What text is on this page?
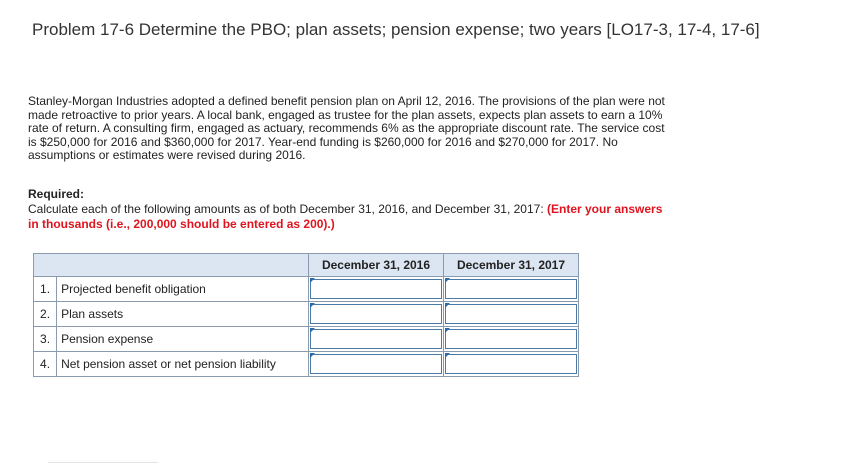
Problem 17-6 Determine the PBO; plan assets; pension expense; two years [LO17-3, 17-4, 17-6]
Stanley-Morgan Industries adopted a defined benefit pension plan on April 12, 2016. The provisions of the plan were not made retroactive to prior years. A local bank, engaged as trustee for the plan assets, expects plan assets to earn a 10% rate of return. A consulting firm, engaged as actuary, recommends 6% as the appropriate discount rate. The service cost is $250,000 for 2016 and $360,000 for 2017. Year-end funding is $260,000 for 2016 and $270,000 for 2017. No assumptions or estimates were revised during 2016.
Required:
Calculate each of the following amounts as of both December 31, 2016, and December 31, 2017: (Enter your answers in thousands (i.e., 200,000 should be entered as 200).)
		December 31, 2016	December 31, 2017
1.	Projected benefit obligation	

2.	Plan assets	

3.	Pension expense	

4.	Net pension asset or net pension liability	
